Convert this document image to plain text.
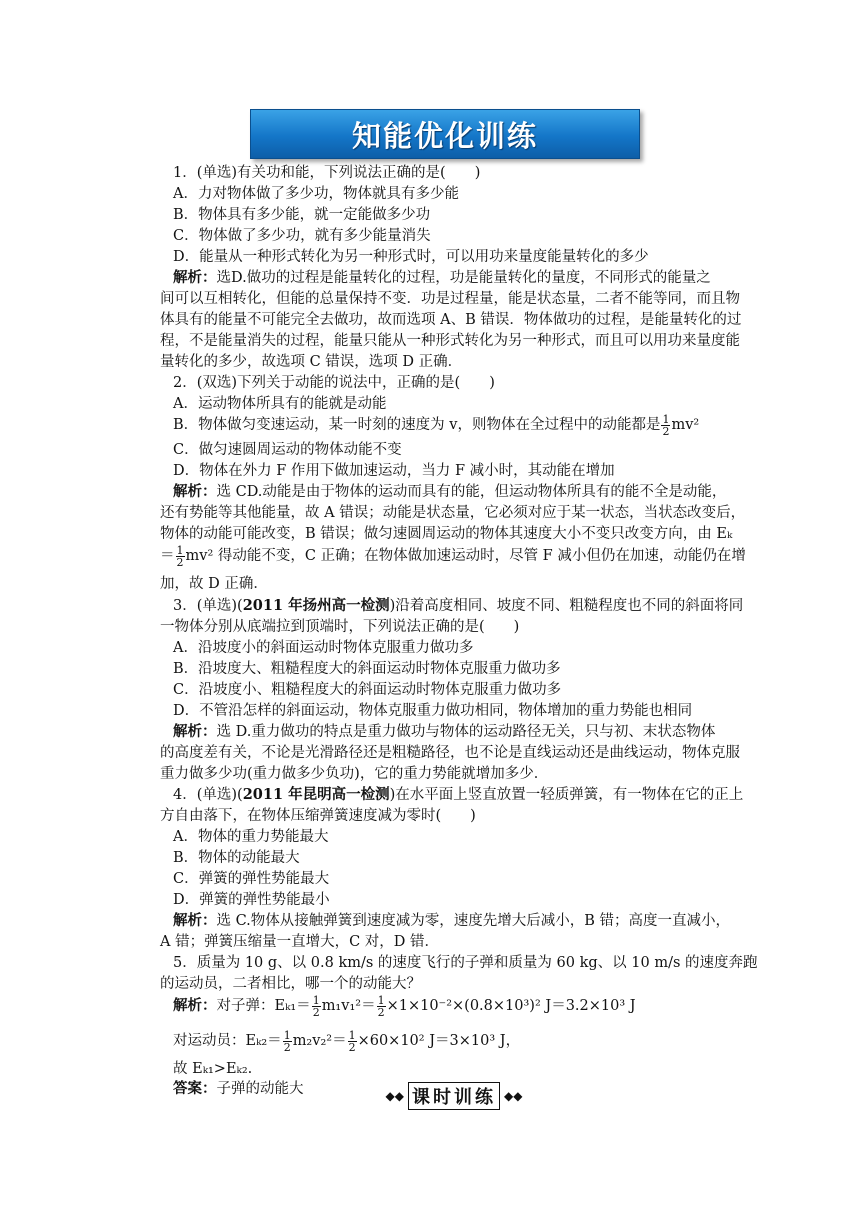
知能优化训练
1．(单选)有关功和能，下列说法正确的是(　　)
A．力对物体做了多少功，物体就具有多少能
B．物体具有多少能，就一定能做多少功
C．物体做了多少功，就有多少能量消失
D．能量从一种形式转化为另一种形式时，可以用功来量度能量转化的多少
解析：选D.做功的过程是能量转化的过程，功是能量转化的量度，不同形式的能量之
间可以互相转化，但能的总量保持不变．功是过程量，能是状态量，二者不能等同，而且物
体具有的能量不可能完全去做功，故而选项 A、B 错误．物体做功的过程，是能量转化的过
程，不是能量消失的过程，能量只能从一种形式转化为另一种形式，而且可以用功来量度能
量转化的多少，故选项 C 错误，选项 D 正确．
2．(双选)下列关于动能的说法中，正确的是(　　)
A．运动物体所具有的能就是动能
B．物体做匀变速运动，某一时刻的速度为 v，则物体在全过程中的动能都是 $\frac{1}{2} mv^2$
C．做匀速圆周运动的物体动能不变
D．物体在外力 F 作用下做加速运动，当力 F 减小时，其动能在增加
解析：选 CD.动能是由于物体的运动而具有的能，但运动物体所具有的能不全是动能，
还有势能等其他能量，故 A 错误；动能是状态量，它必须对应于某一状态，当状态改变后，
物体的动能可能改变，B 错误；做匀速圆周运动的物体其速度大小不变只改变方向，由 Eₖ
＝ $\frac{1}{2} mv^2$ 得动能不变，C 正确；在物体做加速运动时，尽管 F 减小但仍在加速，动能仍在增
加，故 D 正确．
3．(单选)(2011 年扬州高一检测)沿着高度相同、坡度不同、粗糙程度也不同的斜面将同
一物体分别从底端拉到顶端时，下列说法正确的是(　　)
A．沿坡度小的斜面运动时物体克服重力做功多
B．沿坡度大、粗糙程度大的斜面运动时物体克服重力做功多
C．沿坡度小、粗糙程度大的斜面运动时物体克服重力做功多
D．不管沿怎样的斜面运动，物体克服重力做功相同，物体增加的重力势能也相同
解析：选 D.重力做功的特点是重力做功与物体的运动路径无关，只与初、末状态物体
的高度差有关，不论是光滑路径还是粗糙路径，也不论是直线运动还是曲线运动，物体克服
重力做多少功(重力做多少负功)，它的重力势能就增加多少．
4．(单选)(2011 年昆明高一检测)在水平面上竖直放置一轻质弹簧，有一物体在它的正上
方自由落下，在物体压缩弹簧速度减为零时(　　)
A．物体的重力势能最大
B．物体的动能最大
C．弹簧的弹性势能最大
D．弹簧的弹性势能最小
解析：选 C.物体从接触弹簧到速度减为零，速度先增大后减小，B 错；高度一直减小，
A 错；弹簧压缩量一直增大，C 对，D 错．
5．质量为 10 g、以 0.8 km/s 的速度飞行的子弹和质量为 60 kg、以 10 m/s 的速度奔跑
的运动员，二者相比，哪一个的动能大？
解析：对子弹：$E_{k1}= \frac{1}{2} m_1v_1^2= \frac{1}{2} \times 1\times 10^{-2}\times(0.8\times 10^3)^2$ J＝3.2×10³ J
对运动员：$E_{k2}= \frac{1}{2} m_2v_2^2= \frac{1}{2} \times 60\times 10^2$ J＝3×10³ J，
故 Eₖ₁>Eₖ₂.
答案：子弹的动能大	◆◆ 课时训练 ◆◆
